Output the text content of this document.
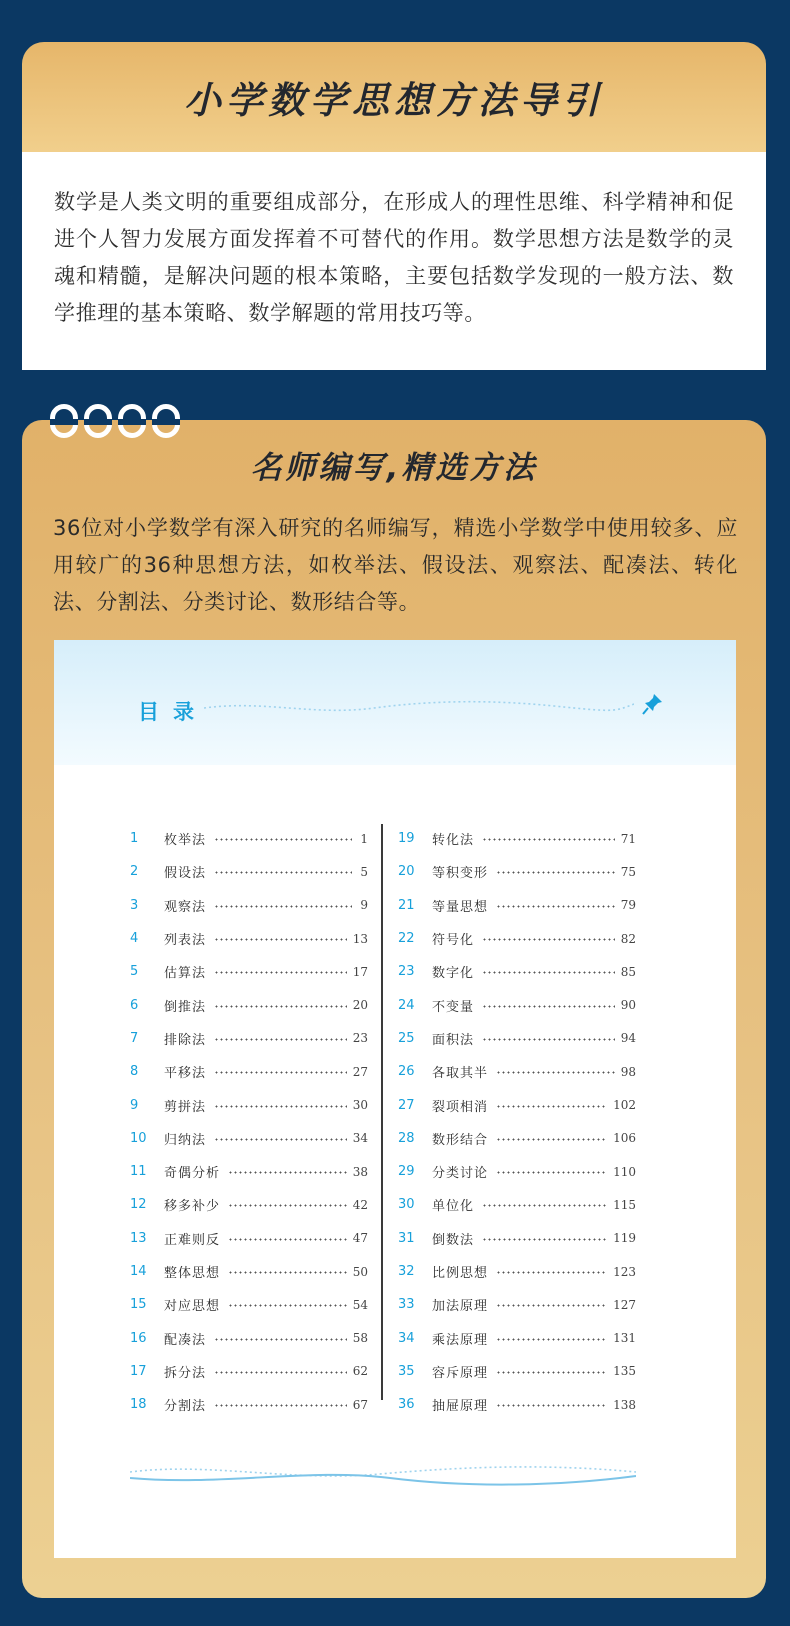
小学数学思想方法导引

数学是人类文明的重要组成部分，在形成人的理性思维、科学精神和促进个人智力发展方面发挥着不可替代的作用。数学思想方法是数学的灵魂和精髓，是解决问题的根本策略，主要包括数学发现的一般方法、数学推理的基本策略、数学解题的常用技巧等。

名师编写,精选方法

36位对小学数学有深入研究的名师编写，精选小学数学中使用较多、应用较广的36种思想方法，如枚举法、假设法、观察法、配凑法、转化法、分割法、分类讨论、数形结合等。

目录
1	枚举法	1
2	假设法	5
3	观察法	9
4	列表法	13
5	估算法	17
6	倒推法	20
7	排除法	23
8	平移法	27
9	剪拼法	30
10	归纳法	34
11	奇偶分析	38
12	移多补少	42
13	正难则反	47
14	整体思想	50
15	对应思想	54
16	配凑法	58
17	拆分法	62
18	分割法	67
19	转化法	71
20	等积变形	75
21	等量思想	79
22	符号化	82
23	数字化	85
24	不变量	90
25	面积法	94
26	各取其半	98
27	裂项相消	102
28	数形结合	106
29	分类讨论	110
30	单位化	115
31	倒数法	119
32	比例思想	123
33	加法原理	127
34	乘法原理	131
35	容斥原理	135
36	抽屉原理	138
